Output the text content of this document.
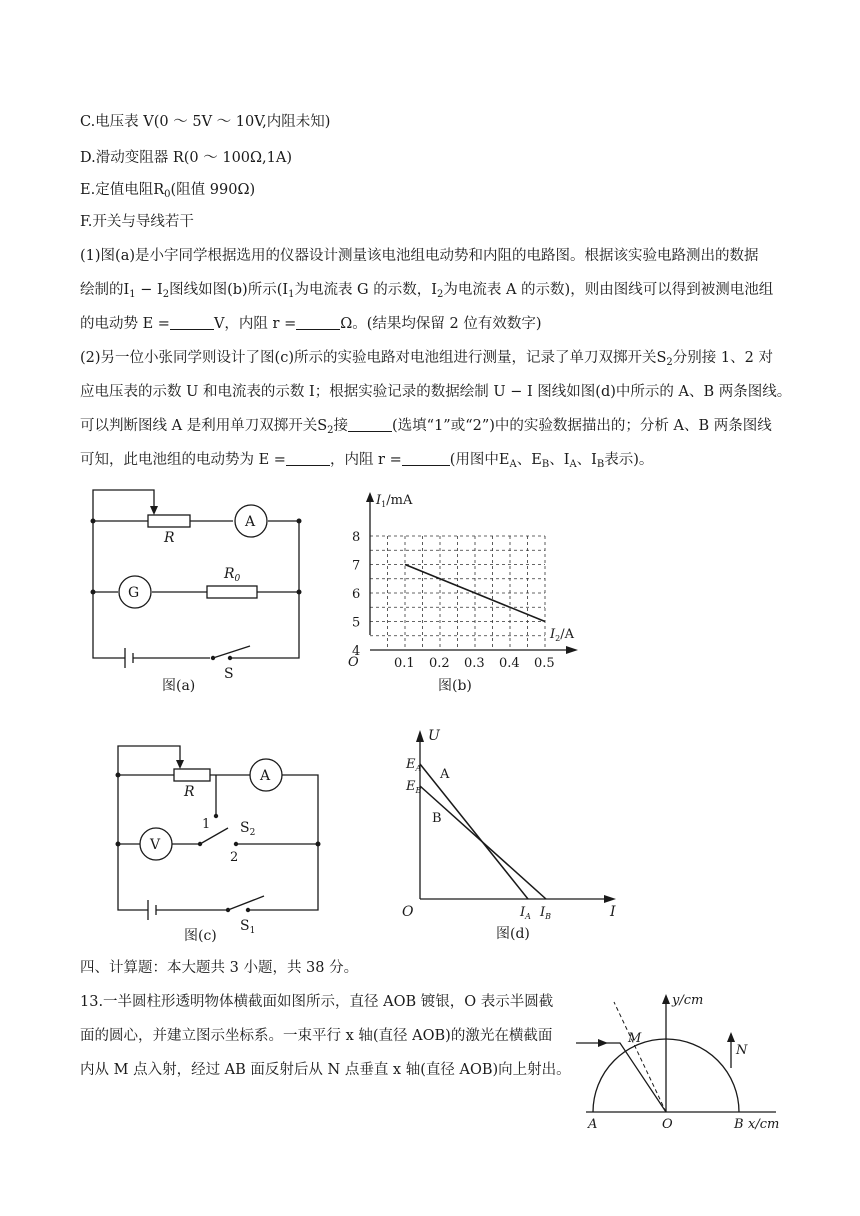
C.电压表 V(0 ～ 5V ～ 10V,内阻未知)
D.滑动变阻器 R(0 ～ 100Ω,1A)
E.定值电阻$R_0$(阻值 990Ω)
F.开关与导线若干
(1)图(a)是小宇同学根据选用的仪器设计测量该电池组电动势和内阻的电路图。根据该实验电路测出的数据
绘制的$I_1 - I_2$图线如图(b)所示($I_1$为电流表 G 的示数，$I_2$为电流表 A 的示数)，则由图线可以得到被测电池组
的电动势 E =	V，内阻 r =	Ω。(结果均保留 2 位有效数字)
(2)另一位小张同学则设计了图(c)所示的实验电路对电池组进行测量，记录了单刀双掷开关$S_2$分别接 1、2 对
应电压表的示数 U 和电流表的示数 I；根据实验记录的数据绘制 U − I 图线如图(d)中所示的 A、B 两条图线。
可以判断图线 A 是利用单刀双掷开关$S_2$接	(选填“1”或“2”)中的实验数据描出的；分析 A、B 两条图线
可知，此电池组的电动势为 E =	，内阻 r =	(用图中$E_A$、$E_B$、$I_A$、$I_B$表示)。
R
A
G
$R_0$
S
图(a)
4
5
6
7
8
0.1 0.2 0.3 0.4 0.5
$I_1/mA$
$I_2/A$
O
图(b)
R
A
1
2
$S_2$
V
$S_1$
图(c)
U
I
O
$E_A$
$E_B$
A
B
$I_A$ $I_B$
图(d)
四、计算题：本大题共 3 小题，共 38 分。
13.一半圆柱形透明物体横截面如图所示，直径 AOB 镀银，O 表示半圆截
面的圆心，并建立图示坐标系。一束平行 x 轴(直径 AOB)的激光在横截面
内从 M 点入射，经过 AB 面反射后从 N 点垂直 x 轴(直径 AOB)向上射出。
y/cm
x/cm
M
N
A	O	B
